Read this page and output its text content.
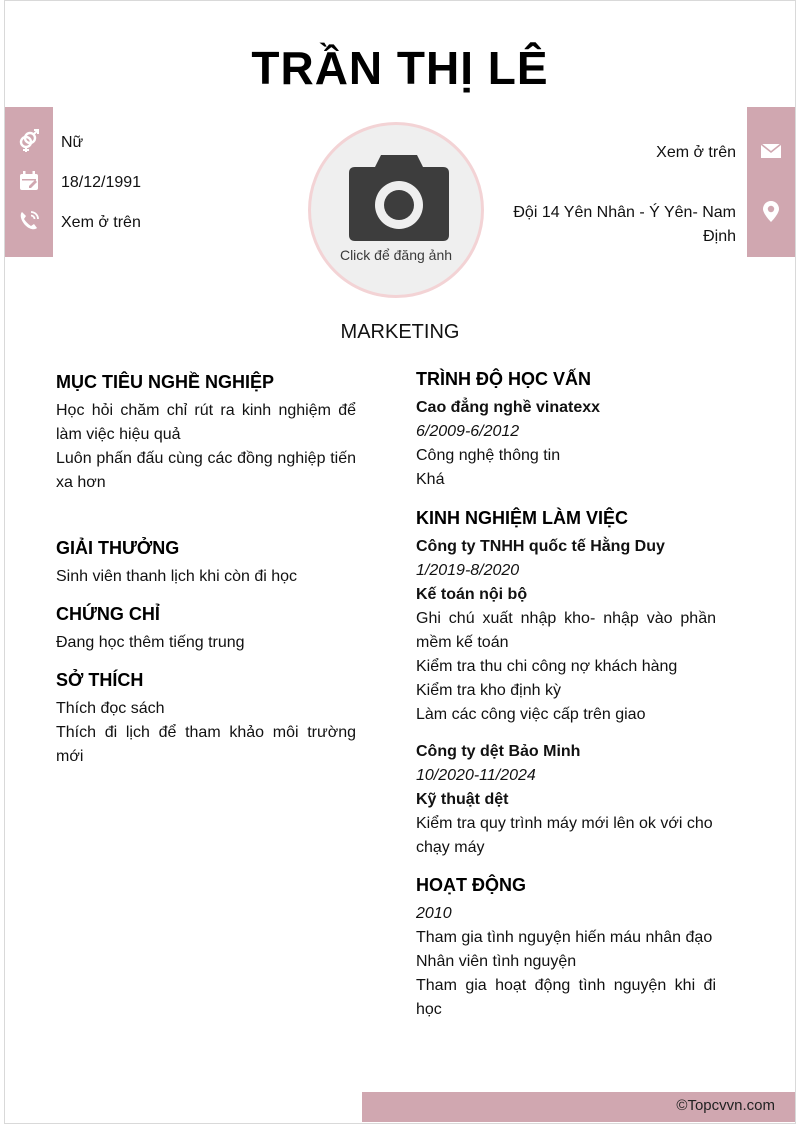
TRẦN THỊ LÊ
Nữ
18/12/1991
Xem ở trên
Click để đăng ảnh
Xem ở trên
Đội 14 Yên Nhân - Ý Yên- Nam Định
MARKETING
MỤC TIÊU NGHỀ NGHIỆP

Học hỏi chăm chỉ rút ra kinh nghiệm để làm việc hiệu quả

Luôn phấn đấu cùng các đồng nghiệp tiến xa hơn

GIẢI THƯỞNG

Sinh viên thanh lịch khi còn đi học

CHỨNG CHỈ

Đang học thêm tiếng trung

SỞ THÍCH

Thích đọc sách

Thích đi lịch để tham khảo môi trường mới

TRÌNH ĐỘ HỌC VẤN

Cao đẳng nghề vinatexx

6/2009-6/2012

Công nghệ thông tin

Khá

KINH NGHIỆM LÀM VIỆC

Công ty TNHH quốc tế Hằng Duy

1/2019-8/2020

Kế toán nội bộ

Ghi chú xuất nhập kho- nhập vào phần mềm kế toán

Kiểm tra thu chi công nợ khách hàng

Kiểm tra kho định kỳ

Làm các công việc cấp trên giao

Công ty dệt Bảo Minh

10/2020-11/2024

Kỹ thuật dệt

Kiểm tra quy trình máy mới lên ok với cho chạy máy

HOẠT ĐỘNG

2010

Tham gia tình nguyện hiến máu nhân đạo

Nhân viên tình nguyện

Tham gia hoạt động tình nguyện khi đi học

©Topcvvn.com
